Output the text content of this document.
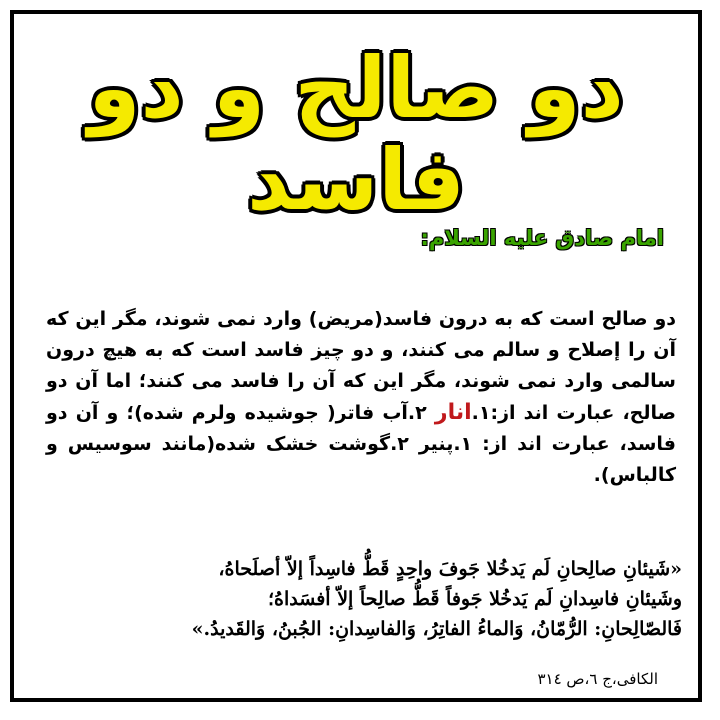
دو صالح و دو فاسد
امام صادق علیه السلام:
دو صالح است که به درون فاسد(مریض) وارد نمی شوند، مگر این که آن را إصلاح و سالم می کنند، و دو چیز فاسد است که به هیچ درون سالمی وارد نمی شوند، مگر این که آن را فاسد می کنند؛ اما آن دو صالح، عبارت اند از:۱.انار ۲.آب فاتر( جوشیده ولرم شده)؛ و آن دو فاسد، عبارت اند از: ۱.پنیر ۲.گوشت خشک شده(مانند سوسیس و کالباس).
«شَیئانِ صالِحانِ لَم یَدخُلا جَوفَ واحِدٍ قَطُّ فاسِداً إلاّ أصلَحاهُ،
وشَیئانِ فاسِدانِ لَم یَدخُلا جَوفاً قَطُّ صالِحاً إلاّ أفسَداهُ؛
فَالصّالِحانِ: الرُّمّانُ، وَالماءُ الفاتِرُ، وَالفاسِدانِ: الجُبنُ، وَالقَدیدُ.»
الکافی،ج ٦،ص ٣١٤
